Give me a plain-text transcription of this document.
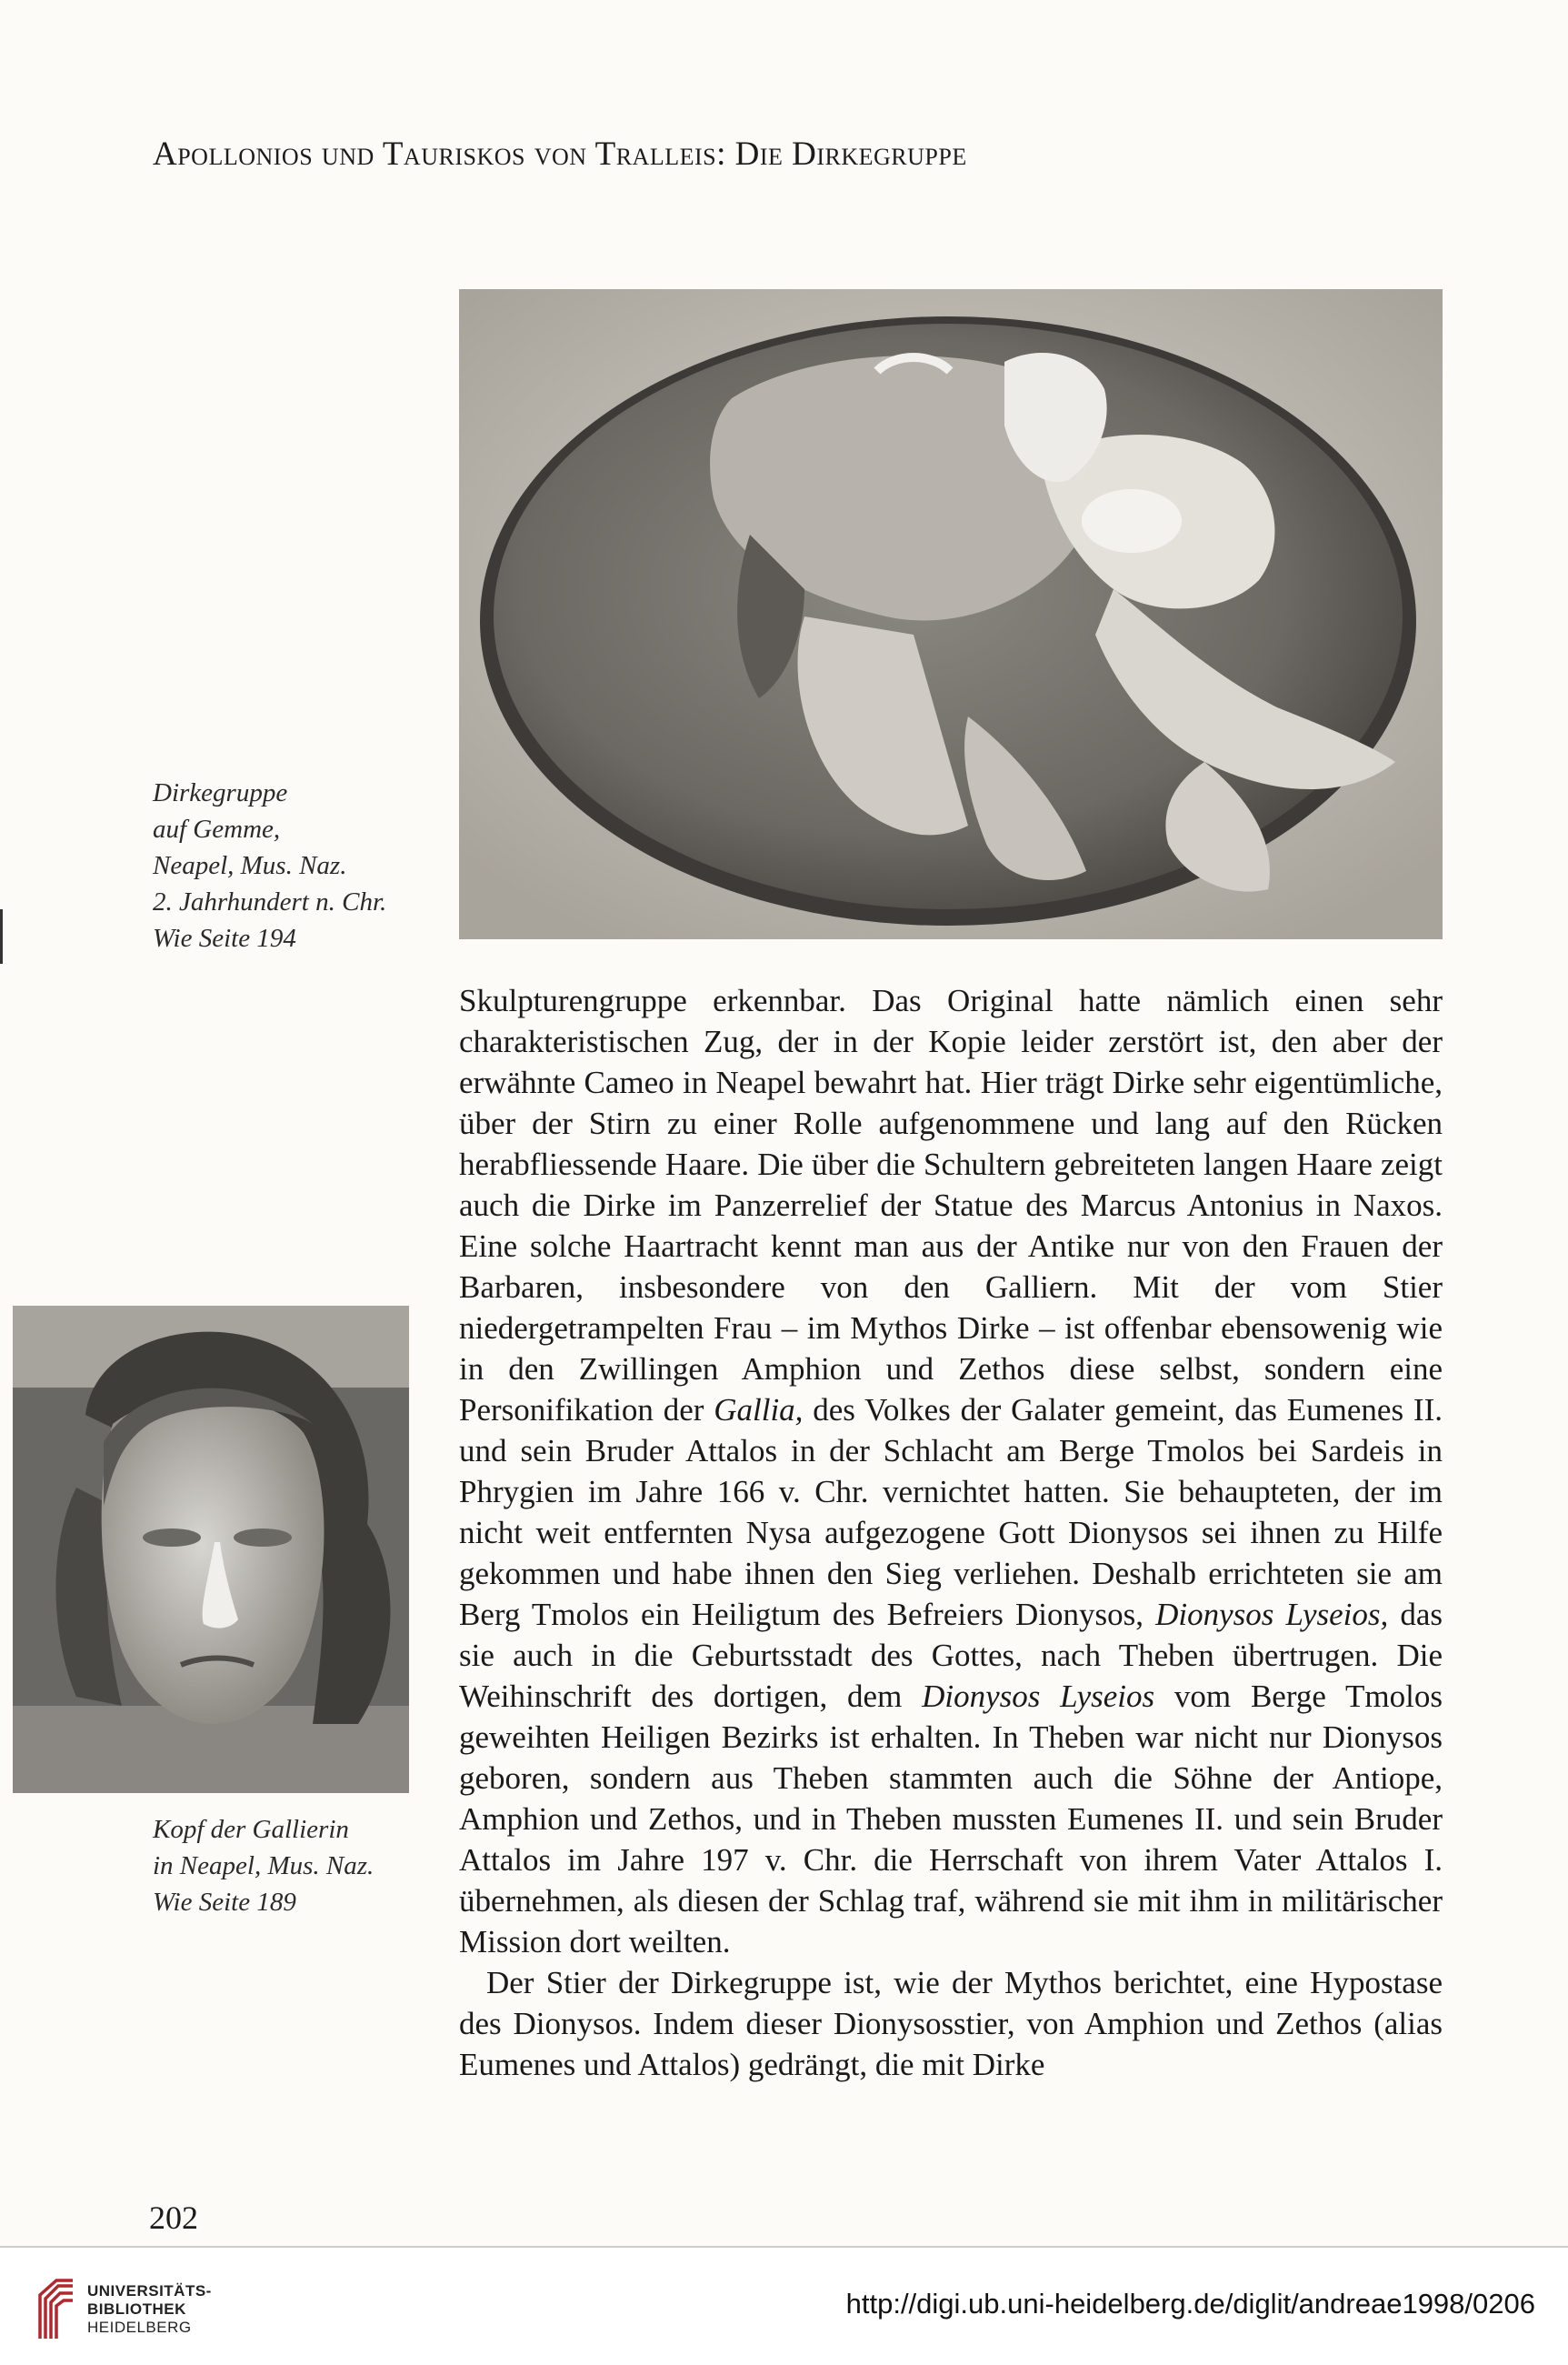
Apollonios und Tauriskos von Tralleis: Die Dirkegruppe
Dirkegruppe
auf Gemme,
Neapel, Mus. Naz.
2. Jahrhundert n. Chr.
Wie Seite 194
Kopf der Gallierin
in Neapel, Mus. Naz.
Wie Seite 189

Skulpturengruppe erkennbar. Das Original hatte nämlich einen sehr charakteristischen Zug, der in der Kopie leider zerstört ist, den aber der erwähnte Cameo in Neapel bewahrt hat. Hier trägt Dirke sehr eigentümliche, über der Stirn zu einer Rolle aufgenommene und lang auf den Rücken herabfliessende Haare. Die über die Schultern gebreiteten langen Haare zeigt auch die Dirke im Panzerrelief der Statue des Marcus Antonius in Naxos. Eine solche Haartracht kennt man aus der Antike nur von den Frauen der Barbaren, insbesondere von den Galliern. Mit der vom Stier niedergetrampelten Frau – im Mythos Dirke – ist offenbar ebensowenig wie in den Zwillingen Amphion und Zethos diese selbst, sondern eine Personifikation der Gallia, des Volkes der Galater gemeint, das Eumenes II. und sein Bruder Attalos in der Schlacht am Berge Tmolos bei Sardeis in Phrygien im Jahre 166 v. Chr. vernichtet hatten. Sie behaupteten, der im nicht weit entfernten Nysa aufgezogene Gott Dionysos sei ihnen zu Hilfe gekommen und habe ihnen den Sieg verliehen. Deshalb errichteten sie am Berg Tmolos ein Heiligtum des Befreiers Dionysos, Dionysos Lyseios, das sie auch in die Geburtsstadt des Gottes, nach Theben übertrugen. Die Weihinschrift des dortigen, dem Dionysos Lyseios vom Berge Tmolos geweihten Heiligen Bezirks ist erhalten. In Theben war nicht nur Dionysos geboren, sondern aus Theben stammten auch die Söhne der Antiope, Amphion und Zethos, und in Theben mussten Eumenes II. und sein Bruder Attalos im Jahre 197 v. Chr. die Herrschaft von ihrem Vater Attalos I. übernehmen, als diesen der Schlag traf, während sie mit ihm in militärischer Mission dort weilten.

Der Stier der Dirkegruppe ist, wie der Mythos berichtet, eine Hypostase des Dionysos. Indem dieser Dionysosstier, von Amphion und Zethos (alias Eumenes und Attalos) gedrängt, die mit Dirke

202
UNIVERSITÄTS-
BIBLIOTHEK
HEIDELBERG
http://digi.ub.uni-heidelberg.de/diglit/andreae1998/0206
